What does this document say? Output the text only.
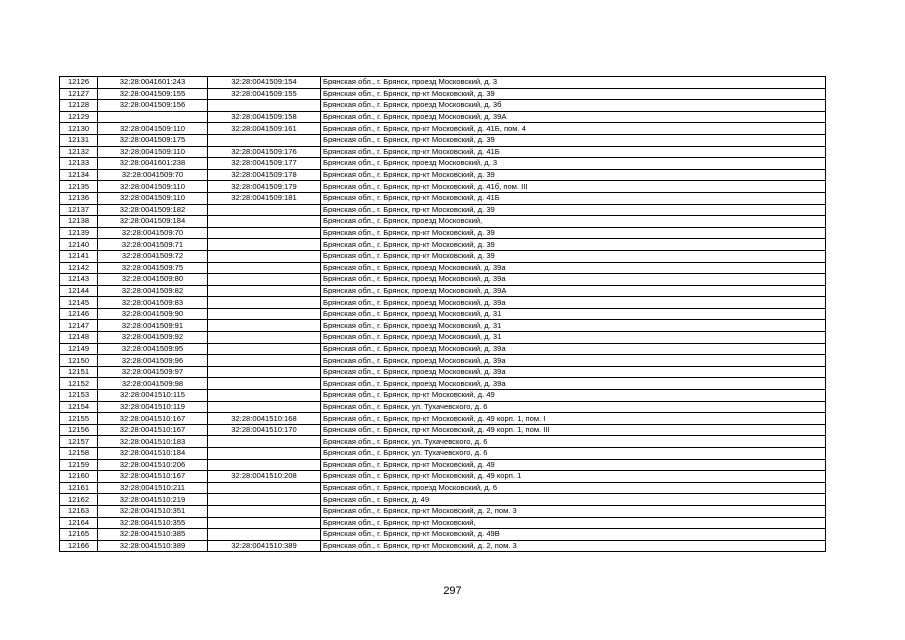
12126	32:28:0041601:243	32:28:0041509:154	Брянская обл., г. Брянск, проезд Московский, д. 3
12127	32:28:0041509:155	32:28:0041509:155	Брянская обл., г. Брянск, пр-кт Московский, д. 39
12128	32:28:0041509:156		Брянская обл., г. Брянск, проезд Московский, д. 3б
12129		32:28:0041509:158	Брянская обл., г. Брянск, проезд Московский, д. 39А
12130	32:28:0041509:110	32:28:0041509:161	Брянская обл., г. Брянск, пр-кт Московский, д. 41Б, пом. 4
12131	32:28:0041509:175		Брянская обл., г. Брянск, пр-кт Московский, д. 39
12132	32:28:0041509:110	32:28:0041509:176	Брянская обл., г. Брянск, пр-кт Московский, д. 41Б
12133	32:28:0041601:238	32:28:0041509:177	Брянская обл., г. Брянск, проезд Московский, д. 3
12134	32:28:0041509:70	32:28:0041509:178	Брянская обл., г. Брянск, пр-кт Московский, д. 39
12135	32:28:0041509:110	32:28:0041509:179	Брянская обл., г. Брянск, пр-кт Московский, д. 41б, пом. III
12136	32:28:0041509:110	32:28:0041509:181	Брянская обл., г. Брянск, пр-кт Московский, д. 41Б
12137	32:28:0041509:182		Брянская обл., г. Брянск, пр-кт Московский, д. 39
12138	32:28:0041509:184		Брянская обл., г. Брянск, проезд Московский,
12139	32:28:0041509:70		Брянская обл., г. Брянск, пр-кт Московский, д. 39
12140	32:28:0041509:71		Брянская обл., г. Брянск, пр-кт Московский, д. 39
12141	32:28:0041509:72		Брянская обл., г. Брянск, пр-кт Московский, д. 39
12142	32:28:0041509:75		Брянская обл., г. Брянск, проезд Московский, д. 39а
12143	32:28:0041509:80		Брянская обл., г. Брянск, проезд Московский, д. 39а
12144	32:28:0041509:82		Брянская обл., г. Брянск, проезд Московский, д. 39А
12145	32:28:0041509:83		Брянская обл., г. Брянск, проезд Московский, д. 39а
12146	32:28:0041509:90		Брянская обл., г. Брянск, проезд Московский, д. 31
12147	32:28:0041509:91		Брянская обл., г. Брянск, проезд Московский, д. 31
12148	32:28:0041509:92		Брянская обл., г. Брянск, проезд Московский, д. 31
12149	32:28:0041509:95		Брянская обл., г. Брянск, проезд Московский, д. 39а
12150	32:28:0041509:96		Брянская обл., г. Брянск, проезд Московский, д. 39а
12151	32:28:0041509:97		Брянская обл., г. Брянск, проезд Московский, д. 39а
12152	32:28:0041509:98		Брянская обл., г. Брянск, проезд Московский, д. 39а
12153	32:28:0041510:115		Брянская обл., г. Брянск, пр-кт Московский, д. 49
12154	32:28:0041510:119		Брянская обл., г. Брянск, ул. Тухачевского, д. 6
12155	32:28:0041510:167	32:28:0041510:168	Брянская обл., г. Брянск, пр-кт Московский, д. 49 корп. 1, пом. I
12156	32:28:0041510:167	32:28:0041510:170	Брянская обл., г. Брянск, пр-кт Московский, д. 49 корп. 1, пом. III
12157	32:28:0041510:183		Брянская обл., г. Брянск, ул. Тухачевского, д. 6
12158	32:28:0041510:184		Брянская обл., г. Брянск, ул. Тухачевского, д. 6
12159	32:28:0041510:206		Брянская обл., г. Брянск, пр-кт Московский, д. 49
12160	32:28:0041510:167	32:28:0041510:208	Брянская обл., г. Брянск, пр-кт Московский, д. 49 корп. 1
12161	32:28:0041510:211		Брянская обл., г. Брянск, проезд Московский, д. 6
12162	32:28:0041510:219		Брянская обл., г. Брянск, д. 49
12163	32:28:0041510:351		Брянская обл., г. Брянск, пр-кт Московский, д. 2, пом. 3
12164	32:28:0041510:355		Брянская обл., г. Брянск, пр-кт Московский,
12165	32:28:0041510:385		Брянская обл., г. Брянск, пр-кт Московский, д. 49В
12166	32:28:0041510:389	32:28:0041510:389	Брянская обл., г. Брянск, пр-кт Московский, д. 2, пом. 3
297
